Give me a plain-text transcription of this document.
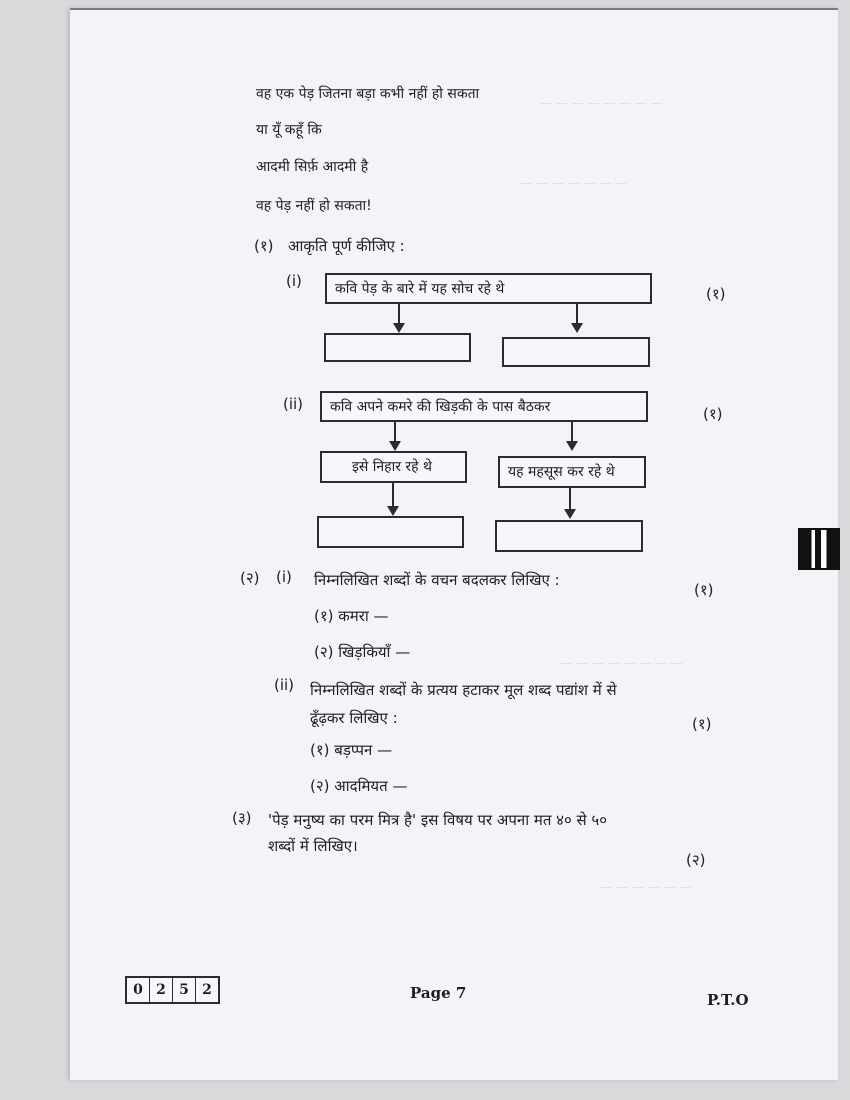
— — — — — — — —
— — — — — — —
— — — — — — — —
— — — — — —
वह एक पेड़ जितना बड़ा कभी नहीं हो सकता
या यूँ कहूँ कि
आदमी सिर्फ़ आदमी है
वह पेड़ नहीं हो सकता!
(१) आकृति पूर्ण कीजिए :
(i)	कवि पेड़ के बारे में यह सोच रहे थे	(१)
(ii)	कवि अपने कमरे की खिड़की के पास बैठकर
इसे निहार रहे थे	यह महसूस कर रहे थे
(१)
(२) (i) निम्नलिखित शब्दों के वचन बदलकर लिखिए :
(१)
(१) कमरा —
(२) खिड़कियाँ —
(ii) निम्नलिखित शब्दों के प्रत्यय हटाकर मूल शब्द पद्यांश में से
ढूँढ़कर लिखिए :	(१)
(१) बड़प्पन —
(२) आदमियत —
(३) 'पेड़ मनुष्य का परम मित्र है' इस विषय पर अपना मत ४० से ५०
शब्दों में लिखिए।
(२)
0 2 5 2	Page 7	P.T.O
